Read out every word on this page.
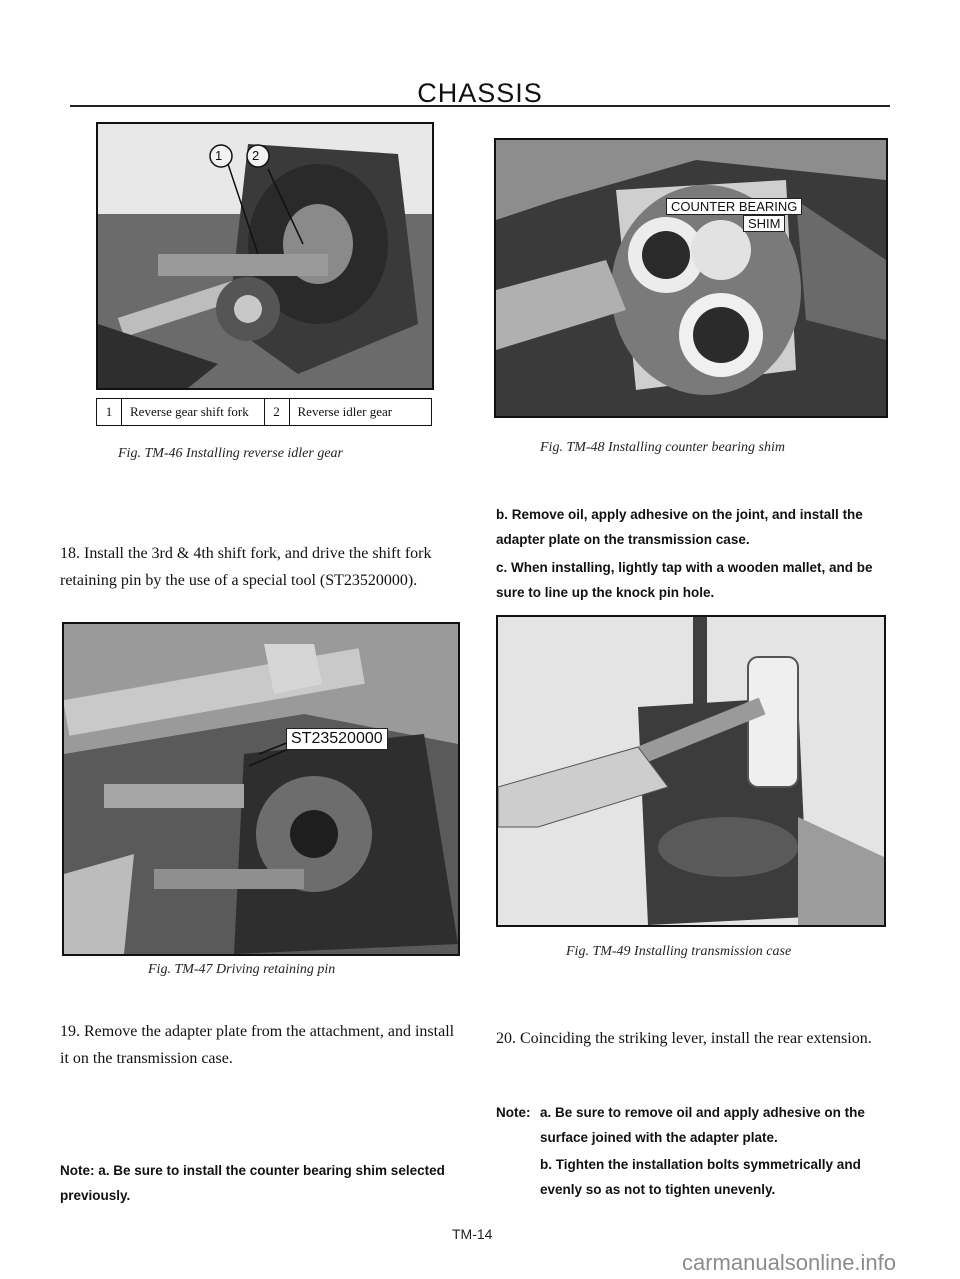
CHASSIS
1 2
1	Reverse gear shift fork	2	Reverse idler gear
Fig. TM-46 Installing reverse idler gear
18. Install the 3rd & 4th shift fork, and drive the shift fork retaining pin by the use of a special tool (ST23520000).
ST23520000
Fig. TM-47 Driving retaining pin
19. Remove the adapter plate from the attachment, and install it on the transmission case.
Note: a. Be sure to install the counter bearing shim selected previously.
COUNTER BEARING
SHIM
Fig. TM-48 Installing counter bearing shim
b. Remove oil, apply adhesive on the joint, and install the adapter plate on the transmission case.
c. When installing, lightly tap with a wooden mallet, and be sure to line up the knock pin hole.
Fig. TM-49 Installing transmission case
20. Coinciding the striking lever, install the rear extension.
Note: a. Be sure to remove oil and apply adhesive on the surface joined with the adapter plate.
b. Tighten the installation bolts symmetrically and evenly so as not to tighten unevenly.
TM-14
carmanualsonline.info
